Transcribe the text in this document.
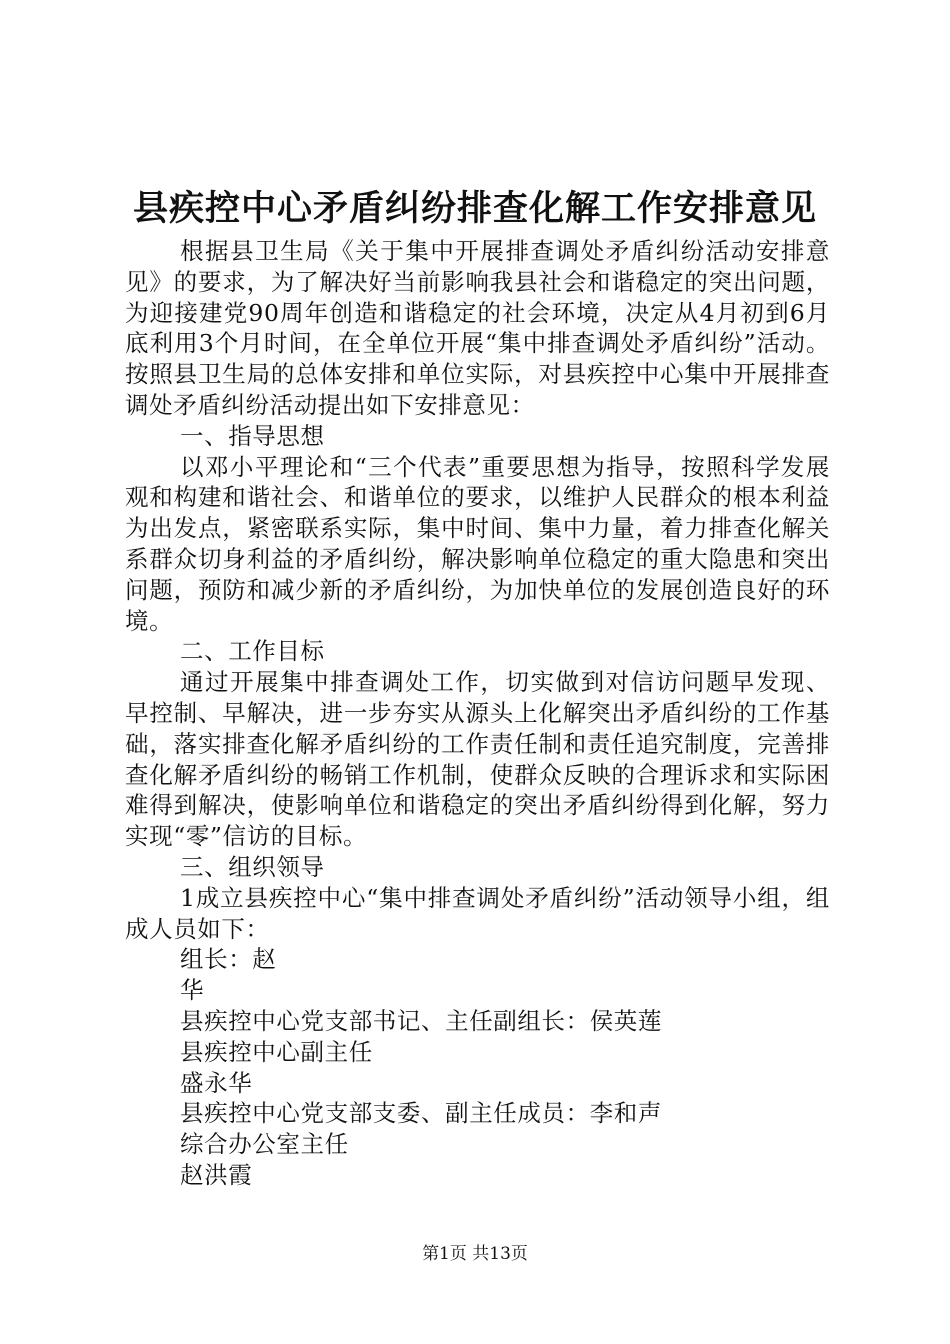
县疾控中心矛盾纠纷排查化解工作安排意见

根据县卫生局《关于集中开展排查调处矛盾纠纷活动安排意见》的要求，为了解决好当前影响我县社会和谐稳定的突出问题，为迎接建党90周年创造和谐稳定的社会环境，决定从4月初到6月底利用3个月时间，在全单位开展“集中排查调处矛盾纠纷”活动。按照县卫生局的总体安排和单位实际，对县疾控中心集中开展排查调处矛盾纠纷活动提出如下安排意见：

一、指导思想

以邓小平理论和“三个代表”重要思想为指导，按照科学发展观和构建和谐社会、和谐单位的要求，以维护人民群众的根本利益为出发点，紧密联系实际，集中时间、集中力量，着力排查化解关系群众切身利益的矛盾纠纷，解决影响单位稳定的重大隐患和突出问题，预防和减少新的矛盾纠纷，为加快单位的发展创造良好的环境。

二、工作目标

通过开展集中排查调处工作，切实做到对信访问题早发现、早控制、早解决，进一步夯实从源头上化解突出矛盾纠纷的工作基础，落实排查化解矛盾纠纷的工作责任制和责任追究制度，完善排查化解矛盾纠纷的畅销工作机制，使群众反映的合理诉求和实际困难得到解决，使影响单位和谐稳定的突出矛盾纠纷得到化解，努力实现“零”信访的目标。

三、组织领导

1成立县疾控中心“集中排查调处矛盾纠纷”活动领导小组，组成人员如下：

组长：赵

华

县疾控中心党支部书记、主任副组长：侯英莲

县疾控中心副主任

盛永华

县疾控中心党支部支委、副主任成员：李和声

综合办公室主任

赵洪霞

第1页 共13页
